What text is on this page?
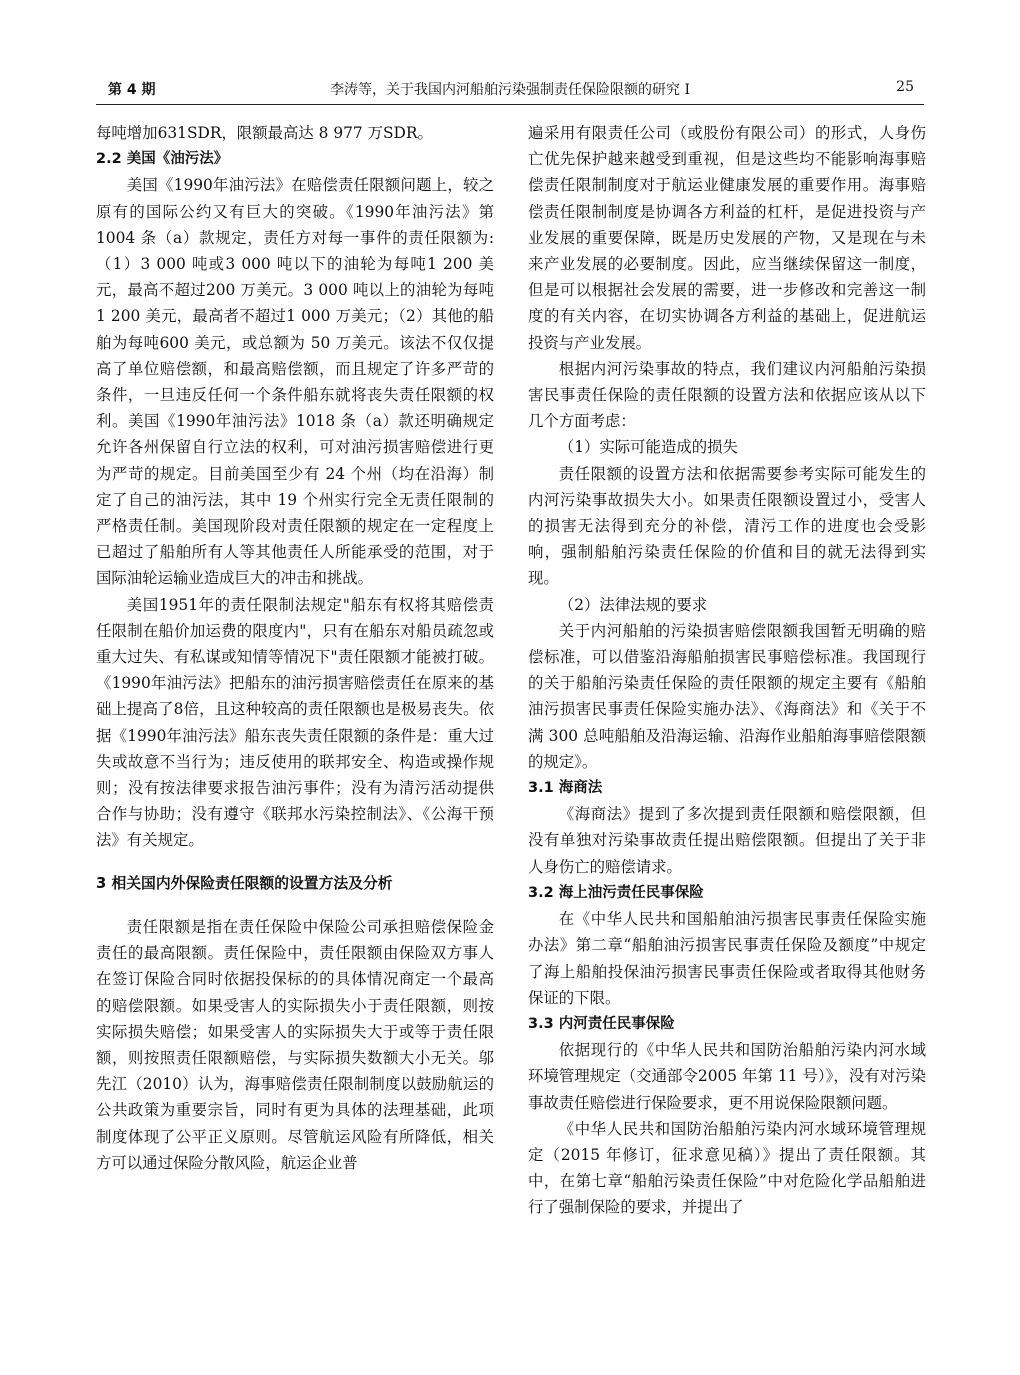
第 4 期	李涛等，关于我国内河船舶污染强制责任保险限额的研究 Ⅰ	25

每吨增加631SDR，限额最高达 8 977 万SDR。

2.2 美国《油污法》

美国《1990年油污法》在赔偿责任限额问题上，较之原有的国际公约又有巨大的突破。《1990年油污法》第1004 条（a）款规定，责任方对每一事件的责任限额为:（1）3 000 吨或3 000 吨以下的油轮为每吨1 200 美元，最高不超过200 万美元。3 000 吨以上的油轮为每吨1 200 美元，最高者不超过1 000 万美元；（2）其他的船舶为每吨600 美元，或总额为 50 万美元。该法不仅仅提高了单位赔偿额，和最高赔偿额，而且规定了许多严苛的条件，一旦违反任何一个条件船东就将丧失责任限额的权利。美国《1990年油污法》1018 条（a）款还明确规定允许各州保留自行立法的权利，可对油污损害赔偿进行更为严苛的规定。目前美国至少有 24 个州（均在沿海）制定了自己的油污法，其中 19 个州实行完全无责任限制的严格责任制。美国现阶段对责任限额的规定在一定程度上已超过了船舶所有人等其他责任人所能承受的范围，对于国际油轮运输业造成巨大的冲击和挑战。

美国1951年的责任限制法规定"船东有权将其赔偿责任限制在船价加运费的限度内"，只有在船东对船员疏忽或重大过失、有私谋或知情等情况下"责任限额才能被打破。《1990年油污法》把船东的油污损害赔偿责任在原来的基础上提高了8倍，且这种较高的责任限额也是极易丧失。依据《1990年油污法》船东丧失责任限额的条件是：重大过失或故意不当行为；违反使用的联邦安全、构造或操作规则；没有按法律要求报告油污事件；没有为清污活动提供合作与协助；没有遵守《联邦水污染控制法》、《公海干预法》有关规定。

3 相关国内外保险责任限额的设置方法及分析

责任限额是指在责任保险中保险公司承担赔偿保险金责任的最高限额。责任保险中，责任限额由保险双方事人在签订保险合同时依据投保标的的具体情况商定一个最高的赔偿限额。如果受害人的实际损失小于责任限额，则按实际损失赔偿；如果受害人的实际损失大于或等于责任限额，则按照责任限额赔偿，与实际损失数额大小无关。邬先江（2010）认为，海事赔偿责任限制制度以鼓励航运的公共政策为重要宗旨，同时有更为具体的法理基础，此项制度体现了公平正义原则。尽管航运风险有所降低，相关方可以通过保险分散风险，航运企业普

遍采用有限责任公司（或股份有限公司）的形式，人身伤亡优先保护越来越受到重视，但是这些均不能影响海事赔偿责任限制制度对于航运业健康发展的重要作用。海事赔偿责任限制制度是协调各方利益的杠杆，是促进投资与产业发展的重要保障，既是历史发展的产物，又是现在与未来产业发展的必要制度。因此，应当继续保留这一制度，但是可以根据社会发展的需要，进一步修改和完善这一制度的有关内容，在切实协调各方利益的基础上，促进航运投资与产业发展。

根据内河污染事故的特点，我们建议内河船舶污染损害民事责任保险的责任限额的设置方法和依据应该从以下几个方面考虑：

（1）实际可能造成的损失

责任限额的设置方法和依据需要参考实际可能发生的内河污染事故损失大小。如果责任限额设置过小，受害人的损害无法得到充分的补偿，清污工作的进度也会受影响，强制船舶污染责任保险的价值和目的就无法得到实现。

（2）法律法规的要求

关于内河船舶的污染损害赔偿限额我国暂无明确的赔偿标准，可以借鉴沿海船舶损害民事赔偿标准。我国现行的关于船舶污染责任保险的责任限额的规定主要有《船舶油污损害民事责任保险实施办法》、《海商法》和《关于不满 300 总吨船舶及沿海运输、沿海作业船舶海事赔偿限额的规定》。

3.1 海商法

《海商法》提到了多次提到责任限额和赔偿限额，但没有单独对污染事故责任提出赔偿限额。但提出了关于非人身伤亡的赔偿请求。

3.2 海上油污责任民事保险

在《中华人民共和国船舶油污损害民事责任保险实施办法》第二章“船舶油污损害民事责任保险及额度”中规定了海上船舶投保油污损害民事责任保险或者取得其他财务保证的下限。

3.3 内河责任民事保险

依据现行的《中华人民共和国防治船舶污染内河水域环境管理规定（交通部令2005 年第 11 号）》，没有对污染事故责任赔偿进行保险要求，更不用说保险限额问题。

《中华人民共和国防治船舶污染内河水域环境管理规定（2015 年修订，征求意见稿）》提出了责任限额。其中，在第七章“船舶污染责任保险”中对危险化学品船舶进行了强制保险的要求，并提出了
